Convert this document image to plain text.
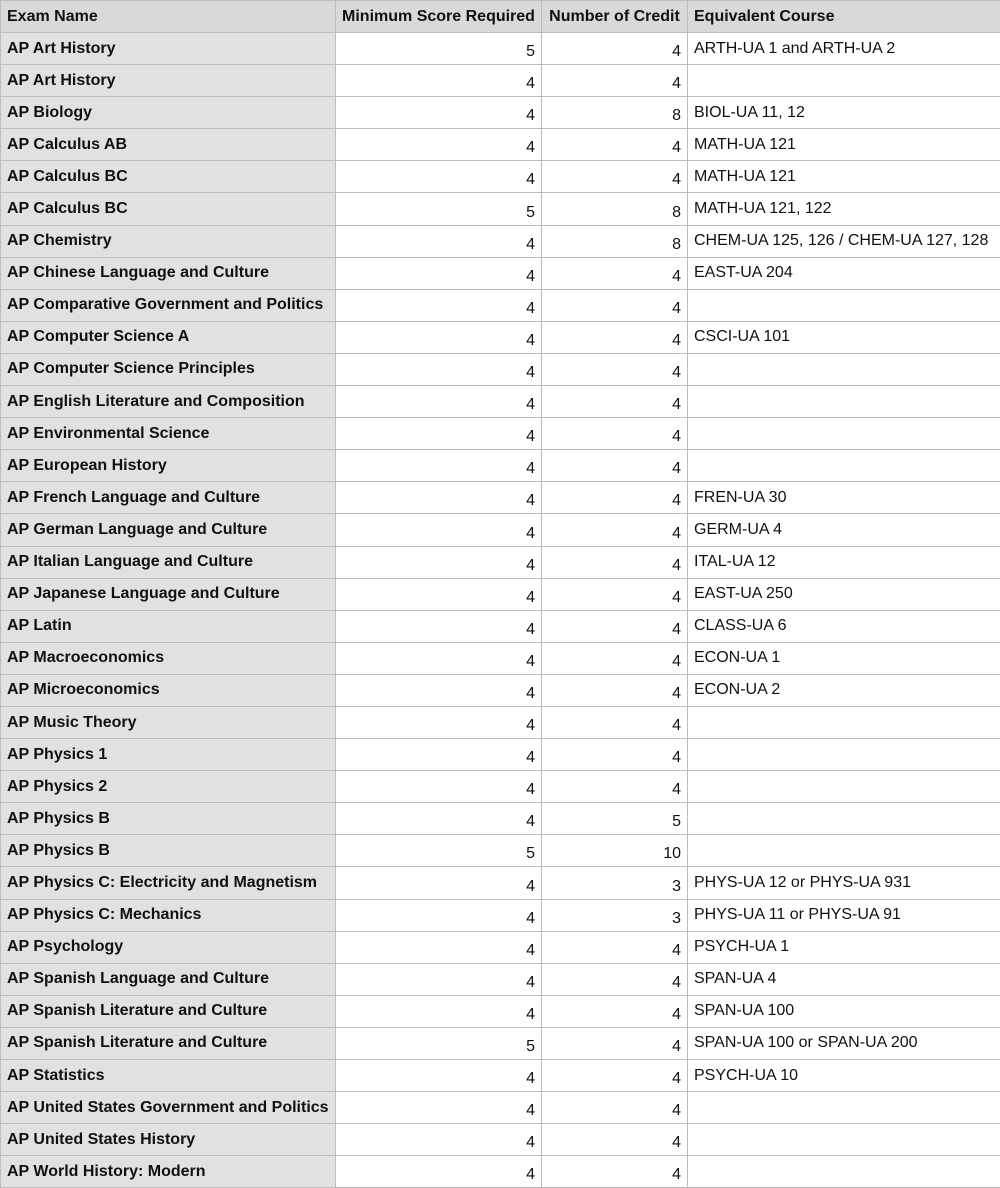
Exam Name	Minimum Score Required	Number of Credit	Equivalent Course
AP Art History	5	4	ARTH-UA 1 and ARTH-UA 2
AP Art History	4	4	
AP Biology	4	8	BIOL-UA 11, 12
AP Calculus AB	4	4	MATH-UA 121
AP Calculus BC	4	4	MATH-UA 121
AP Calculus BC	5	8	MATH-UA 121, 122
AP Chemistry	4	8	CHEM-UA 125, 126 / CHEM-UA 127, 128
AP Chinese Language and Culture	4	4	EAST-UA 204
AP Comparative Government and Politics	4	4	
AP Computer Science A	4	4	CSCI-UA 101
AP Computer Science Principles	4	4	
AP English Literature and Composition	4	4	
AP Environmental Science	4	4	
AP European History	4	4	
AP French Language and Culture	4	4	FREN-UA 30
AP German Language and Culture	4	4	GERM-UA 4
AP Italian Language and Culture	4	4	ITAL-UA 12
AP Japanese Language and Culture	4	4	EAST-UA 250
AP Latin	4	4	CLASS-UA 6
AP Macroeconomics	4	4	ECON-UA 1
AP Microeconomics	4	4	ECON-UA 2
AP Music Theory	4	4	
AP Physics 1	4	4	
AP Physics 2	4	4	
AP Physics B	4	5	
AP Physics B	5	10	
AP Physics C: Electricity and Magnetism	4	3	PHYS-UA 12 or PHYS-UA 931
AP Physics C: Mechanics	4	3	PHYS-UA 11 or PHYS-UA 91
AP Psychology	4	4	PSYCH-UA 1
AP Spanish Language and Culture	4	4	SPAN-UA 4
AP Spanish Literature and Culture	4	4	SPAN-UA 100
AP Spanish Literature and Culture	5	4	SPAN-UA 100 or SPAN-UA 200
AP Statistics	4	4	PSYCH-UA 10
AP United States Government and Politics	4	4	
AP United States History	4	4	
AP World History: Modern	4	4	
